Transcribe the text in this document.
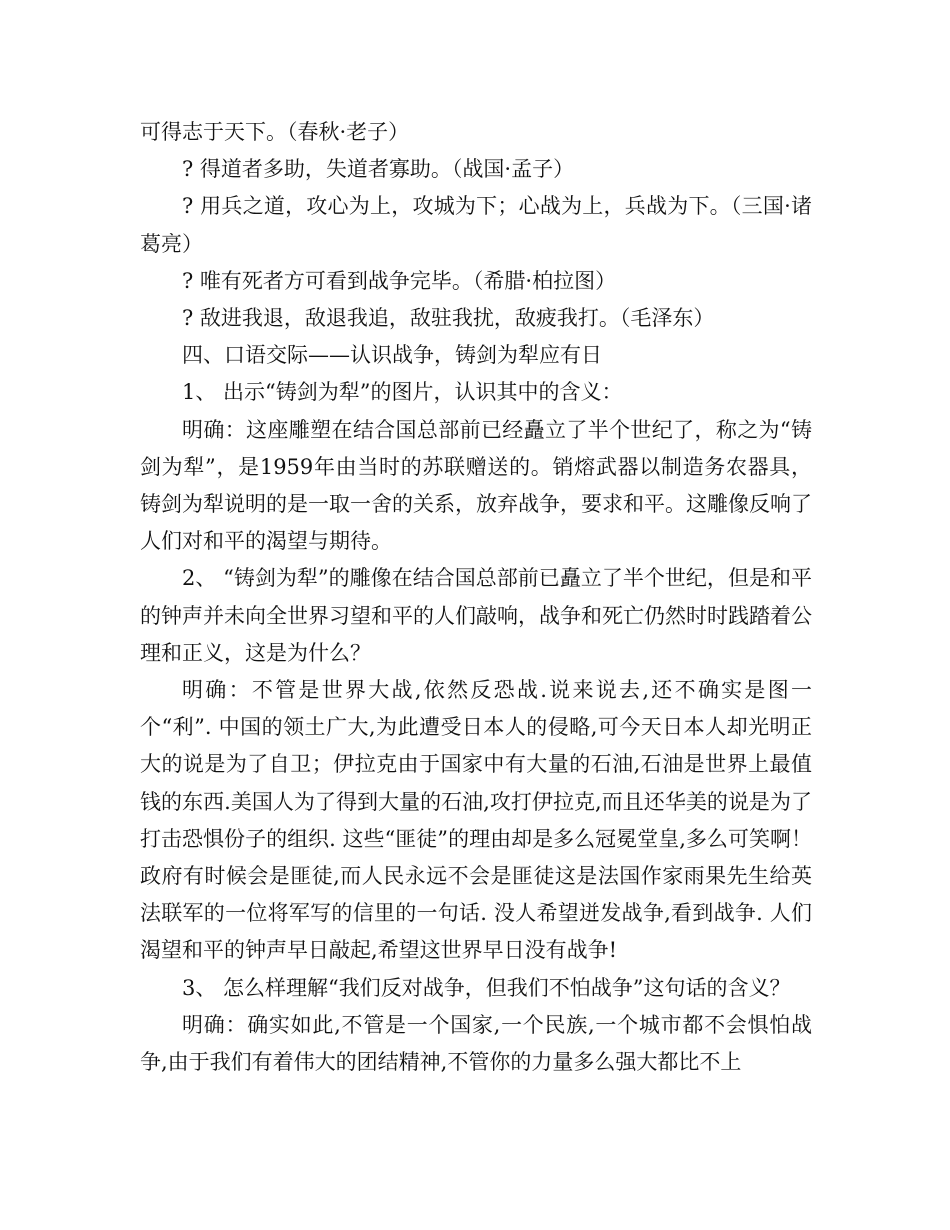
可得志于天下。（春秋·老子）

? 得道者多助，失道者寡助。（战国·孟子）

? 用兵之道，攻心为上，攻城为下；心战为上，兵战为下。（三国·诸葛亮）

? 唯有死者方可看到战争完毕。（希腊·柏拉图）

? 敌进我退，敌退我追，敌驻我扰，敌疲我打。（毛泽东）

四、口语交际——认识战争，铸剑为犁应有日

1、 出示“铸剑为犁”的图片，认识其中的含义：

明确：这座雕塑在结合国总部前已经矗立了半个世纪了，称之为“铸剑为犁”，是1959年由当时的苏联赠送的。销熔武器以制造务农器具，铸剑为犁说明的是一取一舍的关系，放弃战争，要求和平。这雕像反响了人们对和平的渴望与期待。

2、 “铸剑为犁”的雕像在结合国总部前已矗立了半个世纪，但是和平的钟声并未向全世界习望和平的人们敲响，战争和死亡仍然时时践踏着公理和正义，这是为什么？

明确：不管是世界大战,依然反恐战.说来说去,还不确实是图一个“利”. 中国的领土广大,为此遭受日本人的侵略,可今天日本人却光明正大的说是为了自卫；伊拉克由于国家中有大量的石油,石油是世界上最值钱的东西.美国人为了得到大量的石油,攻打伊拉克,而且还华美的说是为了打击恐惧份子的组织. 这些“匪徒”的理由却是多么冠冕堂皇,多么可笑啊！政府有时候会是匪徒,而人民永远不会是匪徒这是法国作家雨果先生给英法联军的一位将军写的信里的一句话. 没人希望迸发战争,看到战争. 人们渴望和平的钟声早日敲起,希望这世界早日没有战争!

3、 怎么样理解“我们反对战争，但我们不怕战争”这句话的含义？

明确：确实如此,不管是一个国家,一个民族,一个城市都不会惧怕战争,由于我们有着伟大的团结精神,不管你的力量多么强大都比不上
